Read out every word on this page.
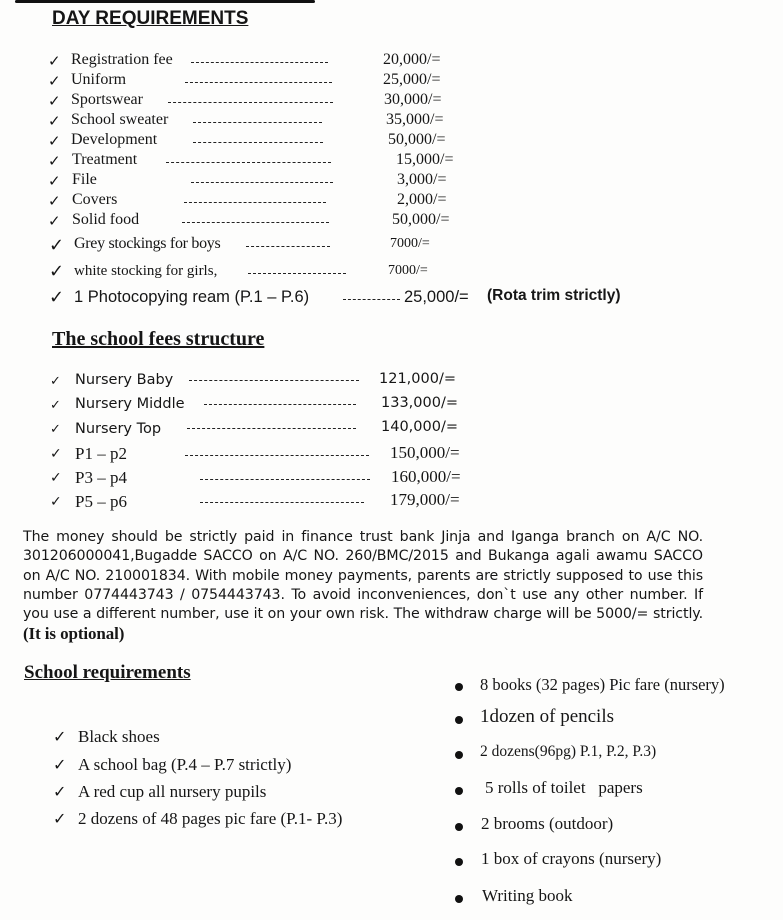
DAY REQUIREMENTS
✓ Registration fee	20,000/=
✓ Uniform	25,000/=
✓ Sportswear	30,000/=
✓ School sweater	35,000/=
✓ Development	50,000/=
✓ Treatment	15,000/=
✓ File	3,000/=
✓ Covers	2,000/=
✓ Solid food	50,000/=
✓ Grey stockings for boys	7000/=
✓ white stocking for girls,	7000/=
✓ 1 Photocopying ream (P.1 – P.6)	25,000/= (Rota trim strictly)
The school fees structure
✓ Nursery Baby	121,000/=
✓ Nursery Middle	133,000/=
✓ Nursery Top	140,000/=
✓ P1 – p2	150,000/=
✓ P3 – p4	160,000/=
✓ P5 – p6	179,000/=
The money should be strictly paid in finance trust bank Jinja and Iganga branch on A/C NO. 301206000041,Bugadde SACCO on A/C NO. 260/BMC/2015 and Bukanga agali awamu SACCO on A/C NO. 210001834. With mobile money payments, parents are strictly supposed to use this number 0774443743 / 0754443743. To avoid inconveniences, don`t use any other number. If you use a different number, use it on your own risk. The withdraw charge will be 5000/= strictly. (It is optional)
School requirements
✓ Black shoes
✓ A school bag (P.4 – P.7 strictly)
✓ A red cup all nursery pupils
✓ 2 dozens of 48 pages pic fare (P.1- P.3)
8 books (32 pages) Pic fare (nursery)
1dozen of pencils
2 dozens(96pg) P.1, P.2, P.3)
5 rolls of toilet   papers
2 brooms (outdoor)
1 box of crayons (nursery)
Writing book
